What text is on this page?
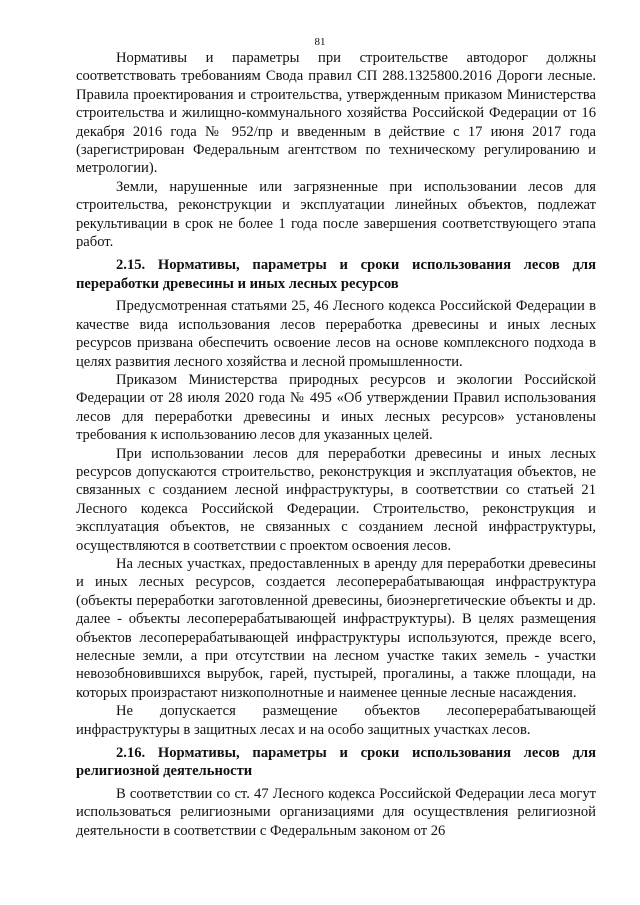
81

Нормативы и параметры при строительстве автодорог должны соответствовать требованиям Свода правил СП 288.1325800.2016 Дороги лесные. Правила проектирования и строительства, утвержденным приказом Министерства строительства и жилищно-коммунального хозяйства Российской Федерации от 16 декабря 2016 года № 952/пр и введенным в действие с 17 июня 2017 года (зарегистрирован Федеральным агентством по техническому регулированию и метрологии).

Земли, нарушенные или загрязненные при использовании лесов для строительства, реконструкции и эксплуатации линейных объектов, подлежат рекультивации в срок не более 1 года после завершения соответствующего этапа работ.

2.15. Нормативы, параметры и сроки использования лесов для переработки древесины и иных лесных ресурсов

Предусмотренная статьями 25, 46 Лесного кодекса Российской Федерации в качестве вида использования лесов переработка древесины и иных лесных ресурсов призвана обеспечить освоение лесов на основе комплексного подхода в целях развития лесного хозяйства и лесной промышленности.

Приказом Министерства природных ресурсов и экологии Российской Федерации от 28 июля 2020 года № 495 «Об утверждении Правил использования лесов для переработки древесины и иных лесных ресурсов» установлены требования к использованию лесов для указанных целей.

При использовании лесов для переработки древесины и иных лесных ресурсов допускаются строительство, реконструкция и эксплуатация объектов, не связанных с созданием лесной инфраструктуры, в соответствии со статьей 21 Лесного кодекса Российской Федерации. Строительство, реконструкция и эксплуатация объектов, не связанных с созданием лесной инфраструктуры, осуществляются в соответствии с проектом освоения лесов.

На лесных участках, предоставленных в аренду для переработки древесины и иных лесных ресурсов, создается лесоперерабатывающая инфраструктура (объекты переработки заготовленной древесины, биоэнергетические объекты и др. далее - объекты лесоперерабатывающей инфраструктуры). В целях размещения объектов лесоперерабатывающей инфраструктуры используются, прежде всего, нелесные земли, а при отсутствии на лесном участке таких земель - участки невозобновившихся вырубок, гарей, пустырей, прогалины, а также площади, на которых произрастают низкополнотные и наименее ценные лесные насаждения.

Не допускается размещение объектов лесоперерабатывающей инфраструктуры в защитных лесах и на особо защитных участках лесов.

2.16. Нормативы, параметры и сроки использования лесов для религиозной деятельности

В соответствии со ст. 47 Лесного кодекса Российской Федерации леса могут использоваться религиозными организациями для осуществления религиозной деятельности в соответствии с Федеральным законом от 26
